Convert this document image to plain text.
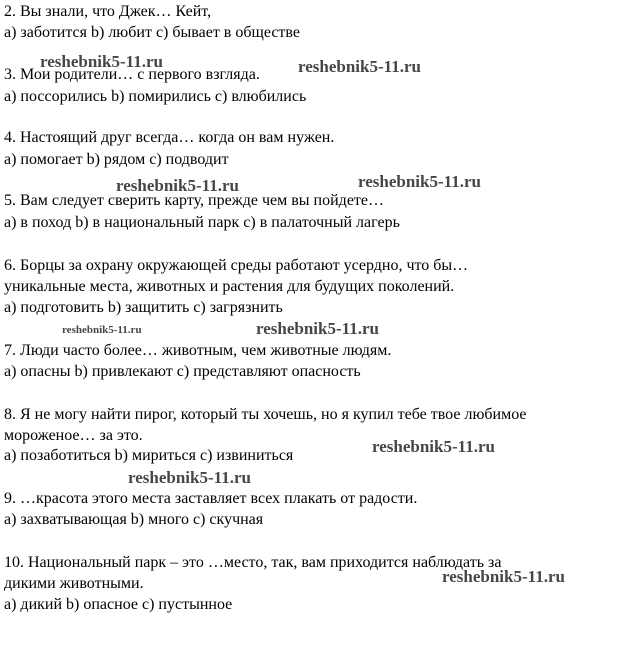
2. Вы знали, что Джек… Кейт,
a) заботится b) любит c) бывает в обществе
3. Мои родители… с первого взгляда.
a) поссорились b) помирились c) влюбились
4. Настоящий друг всегда… когда он вам нужен.
a) помогает b) рядом c) подводит
5. Вам следует сверить карту, прежде чем вы пойдете…
a) в поход b) в национальный парк c) в палаточный лагерь
6. Борцы за охрану окружающей среды работают усердно, что бы…
уникальные места, животных и растения для будущих поколений.
a) подготовить b) защитить c) загрязнить
7. Люди часто более… животным, чем животные людям.
a) опасны b) привлекают c) представляют опасность
8. Я не могу найти пирог, который ты хочешь, но я купил тебе твое любимое
мороженое… за это.
a) позаботиться b) мириться c) извиниться
9. …красота этого места заставляет всех плакать от радости.
a) захватывающая b) много c) скучная
10. Национальный парк – это …место, так, вам приходится наблюдать за
дикими животными.
a) дикий b) опасное c) пустынное
reshebnik5-11.ru	reshebnik5-11.ru
reshebnik5-11.ru	reshebnik5-11.ru
reshebnik5-11.ru	reshebnik5-11.ru
reshebnik5-11.ru
reshebnik5-11.ru
reshebnik5-11.ru
